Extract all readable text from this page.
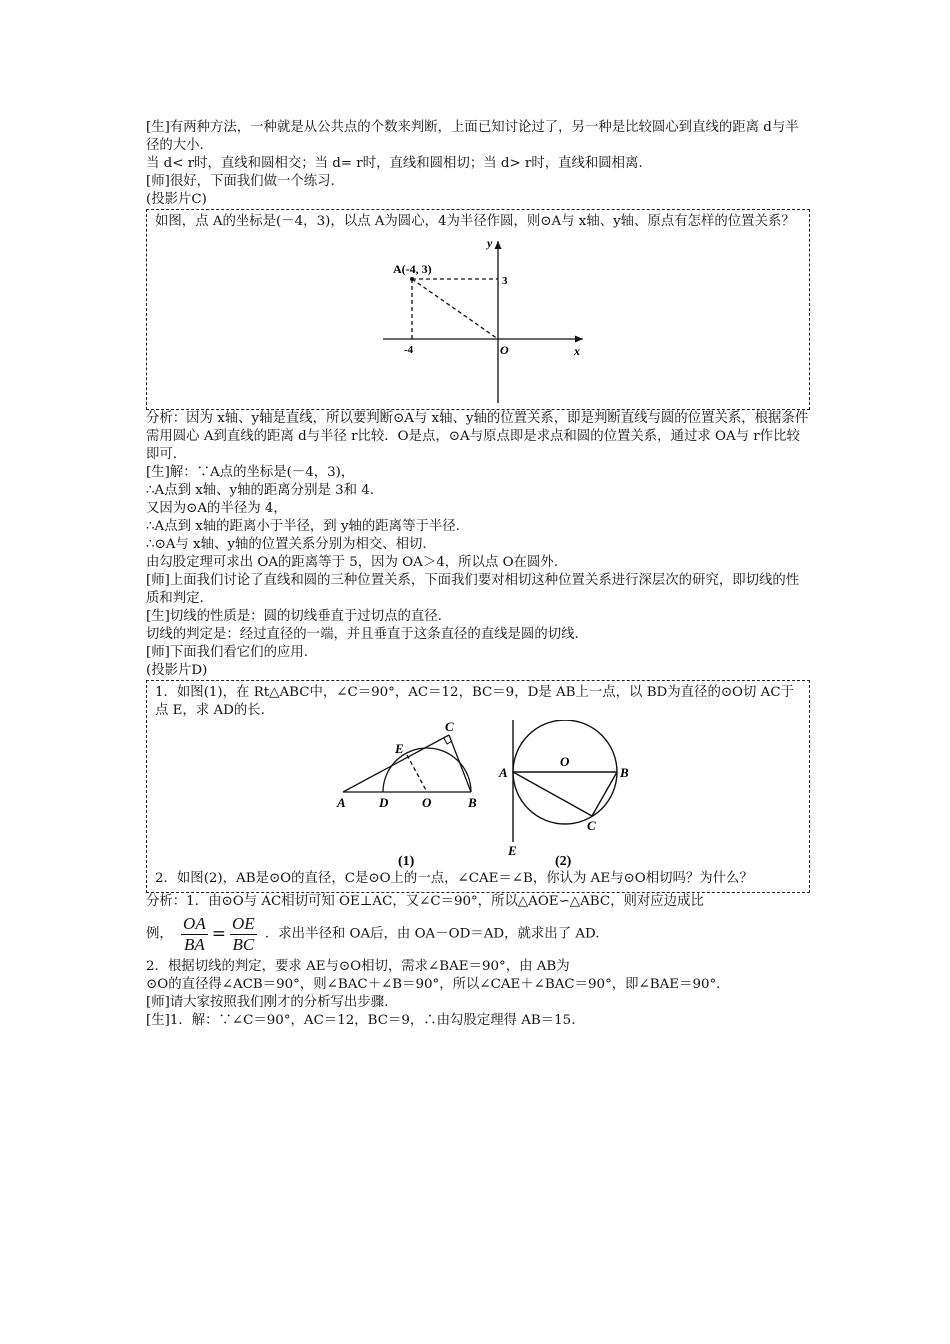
[生]有两种方法，一种就是从公共点的个数来判断，上面已知讨论过了，另一种是比较圆心到直线的距离 d与半径的大小.

当 d< r时，直线和圆相交；当 d= r时，直线和圆相切；当 d> r时，直线和圆相离.

[师]很好，下面我们做一个练习.

(投影片C)

如图，点 A的坐标是(－4，3)，以点 A为圆心，4为半径作圆，则⊙A与 x轴、y轴、原点有怎样的位置关系？

A(-4, 3)
y
x
O
-4
3

分析：因为 x轴、y轴是直线，所以要判断⊙A与 x轴、y轴的位置关系，即是判断直线与圆的位置关系，根据条件需用圆心 A到直线的距离 d与半径 r比较．O是点，⊙A与原点即是求点和圆的位置关系，通过求 OA与 r作比较即可.

[生]解：∵A点的坐标是(－4，3)，

∴A点到 x轴、y轴的距离分别是 3和 4.

又因为⊙A的半径为 4，

∴A点到 x轴的距离小于半径，到 y轴的距离等于半径.

∴⊙A与 x轴、y轴的位置关系分别为相交、相切.

由勾股定理可求出 OA的距离等于 5，因为 OA＞4，所以点 O在圆外.

[师]上面我们讨论了直线和圆的三种位置关系，下面我们要对相切这种位置关系进行深层次的研究，即切线的性质和判定.

[生]切线的性质是：圆的切线垂直于过切点的直径.

切线的判定是：经过直径的一端，并且垂直于这条直径的直线是圆的切线.

[师]下面我们看它们的应用.

(投影片D)

1．如图(1)，在 Rt△ABC中，∠C＝90°，AC＝12，BC＝9，D是 AB上一点，以 BD为直径的⊙O切 AC于点 E，求 AD的长.

A	D	O	B
E
C
(1)
A
O
B
C
E
(2)

2．如图(2)，AB是⊙O的直径，C是⊙O上的一点，∠CAE＝∠B，你认为 AE与⊙O相切吗？为什么？

分析：1．由⊙O与 AC相切可知 OE⊥AC，又∠C＝90°，所以△AOE∽△ABC，则对应边成比

例， $\frac{OA}{BA} = \frac{OE}{BC}$ ．求出半径和 OA后，由 OA－OD＝AD，就求出了 AD.

2．根据切线的判定，要求 AE与⊙O相切，需求∠BAE＝90°，由 AB为

⊙O的直径得∠ACB＝90°，则∠BAC＋∠B＝90°，所以∠CAE＋∠BAC＝90°，即∠BAE＝90°.

[师]请大家按照我们刚才的分析写出步骤.

[生]1．解：∵∠C＝90°，AC＝12，BC＝9，∴由勾股定理得 AB＝15.
